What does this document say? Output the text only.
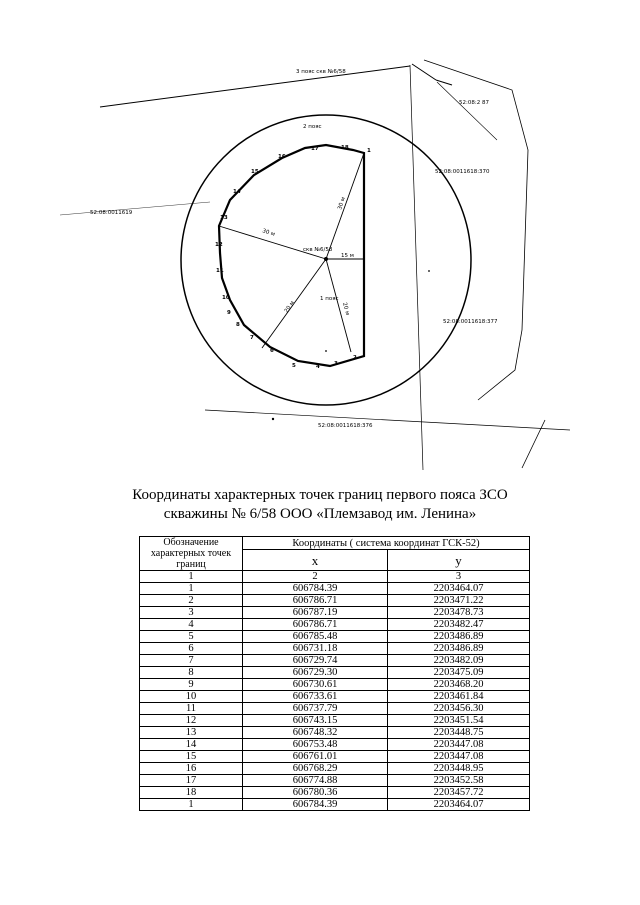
3 пояс скв №6/58
2 пояс
1 пояс
скв №6/58
52:08:2 87
52:08:0011618:370
52:08:0011619
52:08:0011618:377
52:08:0011618:376
30 м
30 м
15 м
20 м	20 м
1
2
3
4
5
6
7
8
9
10
11
12
13
14
15
16
17	18
Координаты характерных точек границ первого пояса ЗСО
скважины № 6/58 ООО «Племзавод им. Ленина»
Обозначение характерных точек границ	Координаты ( система координат ГСК-52)	
	x	y
1	2	3
1	606784.39	2203464.07
2	606786.71	2203471.22
3	606787.19	2203478.73
4	606786.71	2203482.47
5	606785.48	2203486.89
6	606731.18	2203486.89
7	606729.74	2203482.09
8	606729.30	2203475.09
9	606730.61	2203468.20
10	606733.61	2203461.84
11	606737.79	2203456.30
12	606743.15	2203451.54
13	606748.32	2203448.75
14	606753.48	2203447.08
15	606761.01	2203447.08
16	606768.29	2203448.95
17	606774.88	2203452.58
18	606780.36	2203457.72
1	606784.39	2203464.07
